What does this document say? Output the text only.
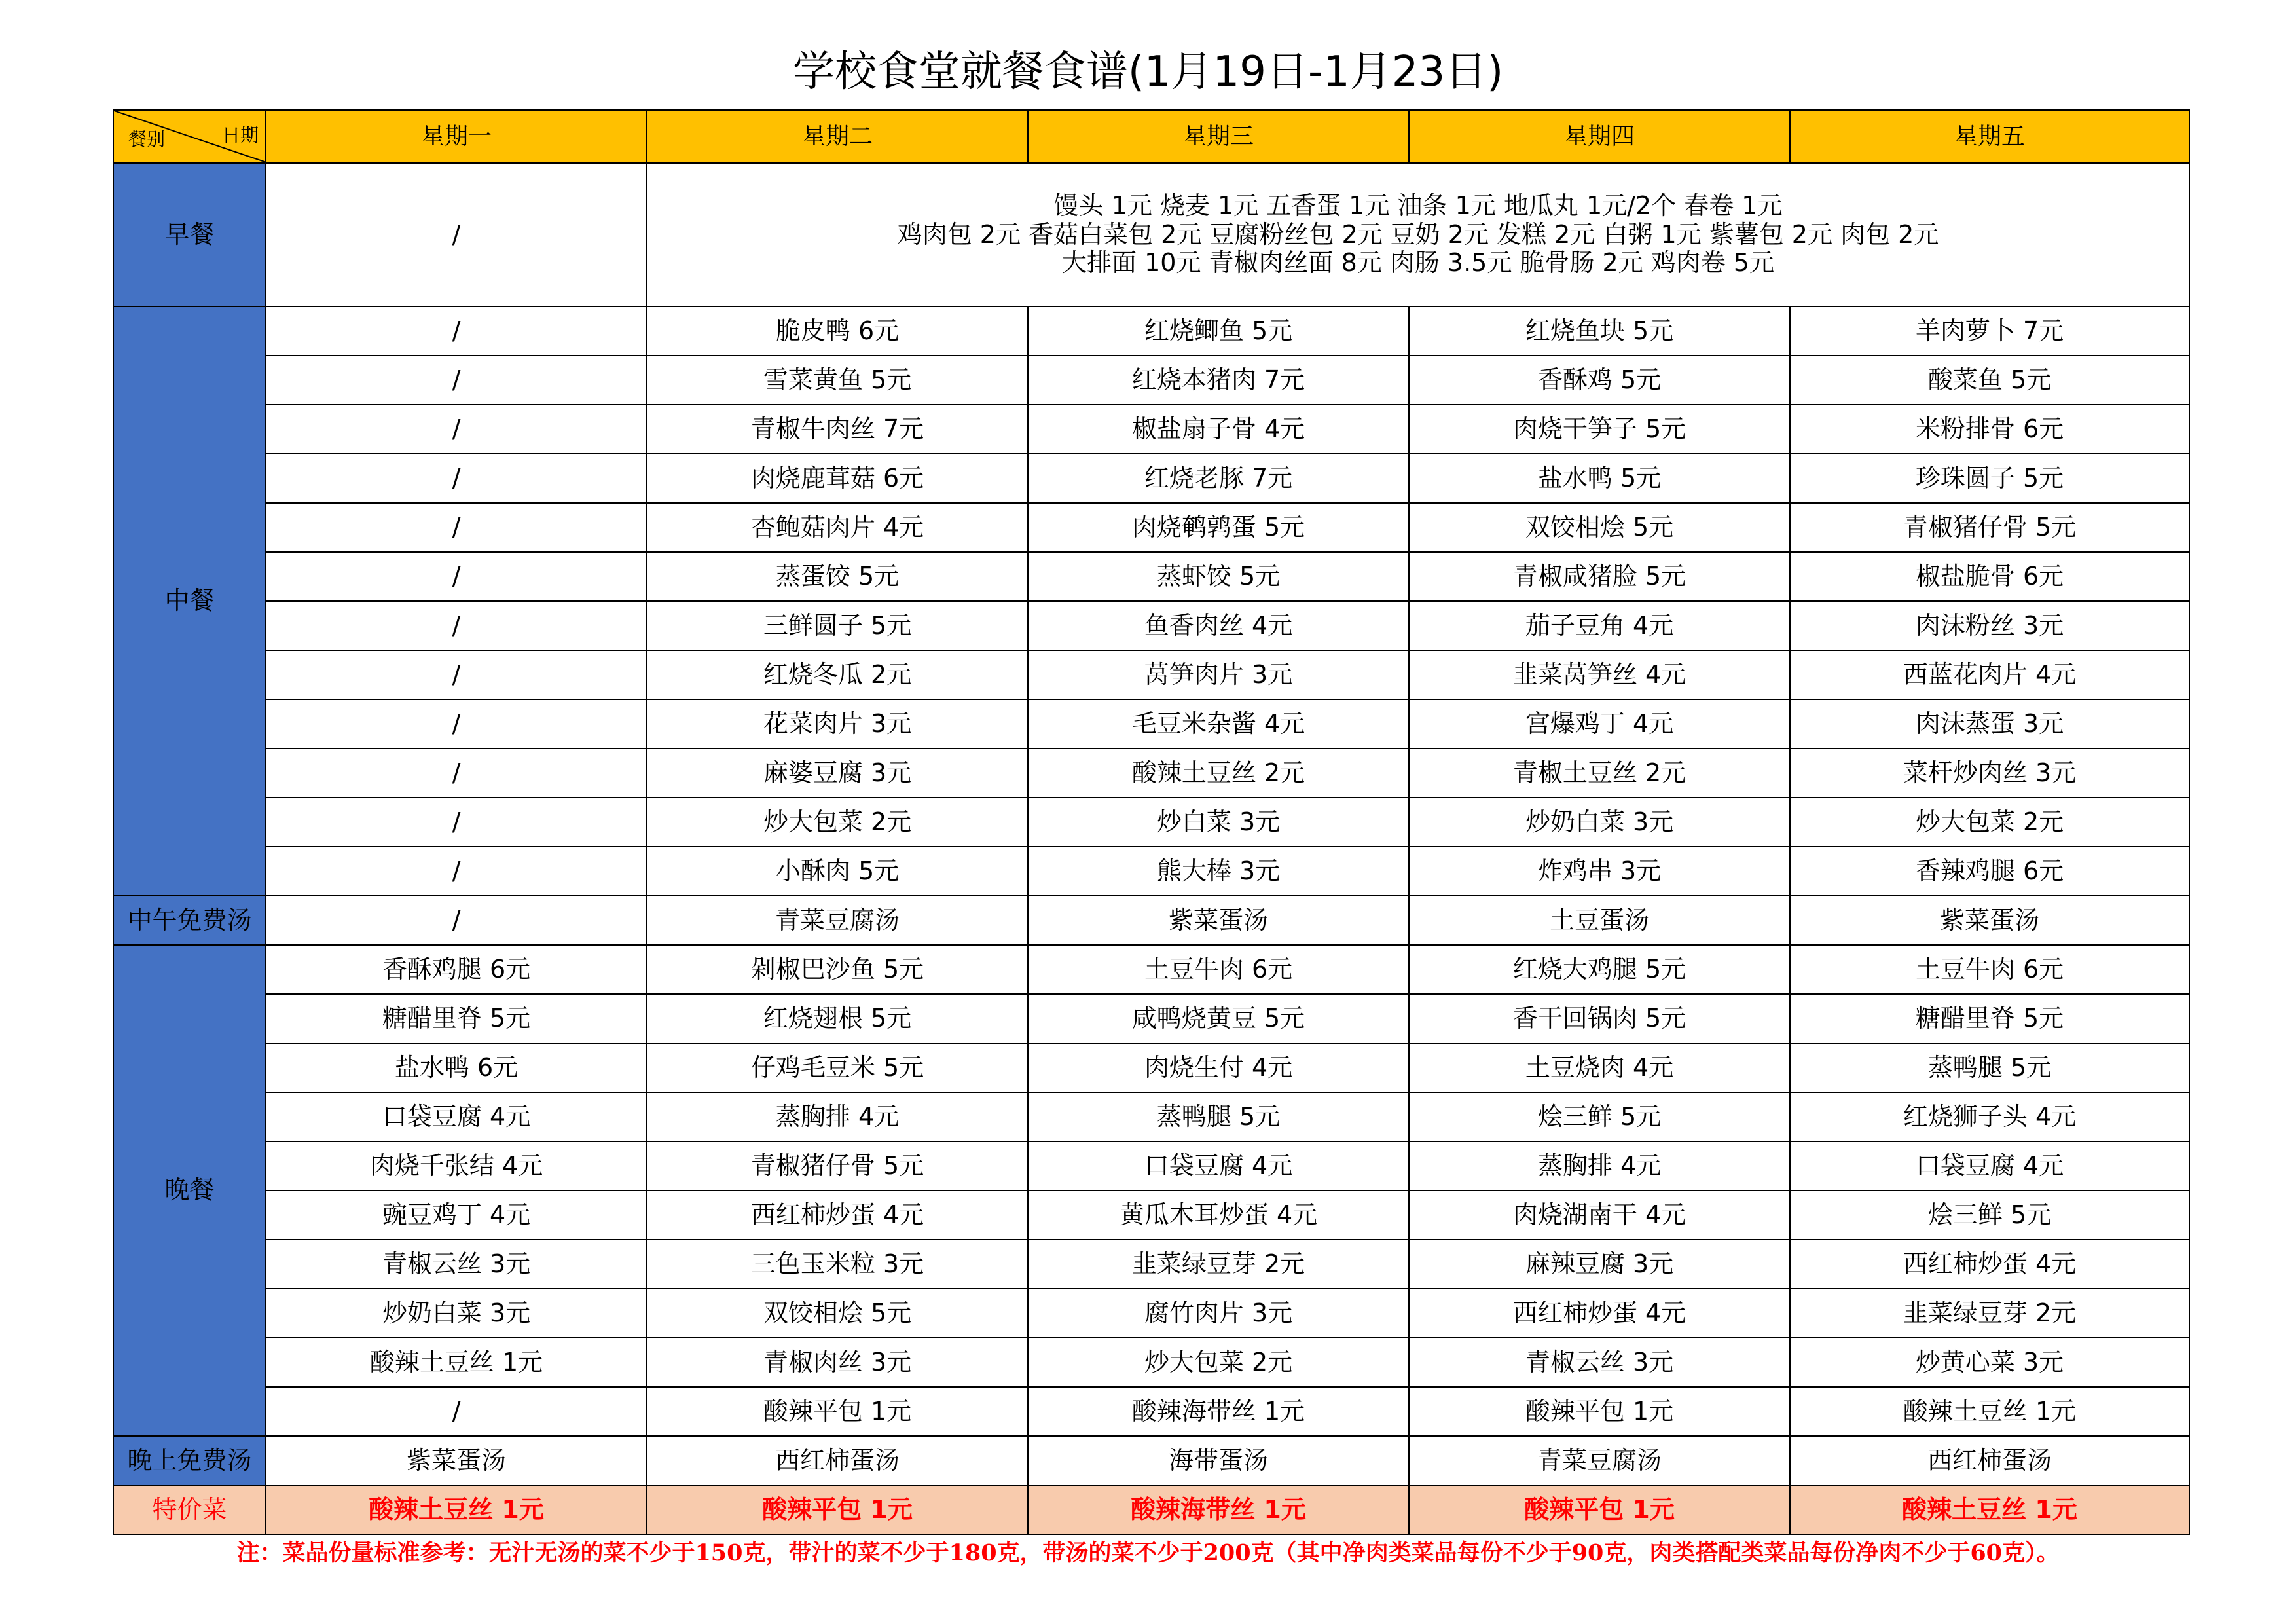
学校食堂就餐食谱(1月19日-1月23日)
日期
餐别	星期一	星期二	星期三	星期四	星期五
早餐	/	馒头 1元 烧麦 1元 五香蛋 1元 油条 1元 地瓜丸 1元/2个 春卷 1元
鸡肉包 2元 香菇白菜包 2元 豆腐粉丝包 2元 豆奶 2元 发糕 2元 白粥 1元 紫薯包 2元 肉包 2元
大排面 10元 青椒肉丝面 8元 肉肠 3.5元 脆骨肠 2元 鸡肉卷 5元			

中餐	/	脆皮鸭 6元	红烧鲫鱼 5元	红烧鱼块 5元	羊肉萝卜 7元
	/	雪菜黄鱼 5元	红烧本猪肉 7元	香酥鸡 5元	酸菜鱼 5元
	/	青椒牛肉丝 7元	椒盐扇子骨 4元	肉烧干笋子 5元	米粉排骨 6元
	/	肉烧鹿茸菇 6元	红烧老豚 7元	盐水鸭 5元	珍珠圆子 5元
	/	杏鲍菇肉片 4元	肉烧鹌鹑蛋 5元	双饺相烩 5元	青椒猪仔骨 5元
	/	蒸蛋饺 5元	蒸虾饺 5元	青椒咸猪脸 5元	椒盐脆骨 6元
	/	三鲜圆子 5元	鱼香肉丝 4元	茄子豆角 4元	肉沫粉丝 3元
	/	红烧冬瓜 2元	莴笋肉片 3元	韭菜莴笋丝 4元	西蓝花肉片 4元
	/	花菜肉片 3元	毛豆米杂酱 4元	宫爆鸡丁 4元	肉沫蒸蛋 3元
	/	麻婆豆腐 3元	酸辣土豆丝 2元	青椒土豆丝 2元	菜杆炒肉丝 3元
	/	炒大包菜 2元	炒白菜 3元	炒奶白菜 3元	炒大包菜 2元
	/	小酥肉 5元	熊大棒 3元	炸鸡串 3元	香辣鸡腿 6元
中午免费汤	/	青菜豆腐汤	紫菜蛋汤	土豆蛋汤	紫菜蛋汤
晚餐	香酥鸡腿 6元	剁椒巴沙鱼 5元	土豆牛肉 6元	红烧大鸡腿 5元	土豆牛肉 6元
	糖醋里脊 5元	红烧翅根 5元	咸鸭烧黄豆 5元	香干回锅肉 5元	糖醋里脊 5元
	盐水鸭 6元	仔鸡毛豆米 5元	肉烧生付 4元	土豆烧肉 4元	蒸鸭腿 5元
	口袋豆腐 4元	蒸胸排 4元	蒸鸭腿 5元	烩三鲜 5元	红烧狮子头 4元
	肉烧千张结 4元	青椒猪仔骨 5元	口袋豆腐 4元	蒸胸排 4元	口袋豆腐 4元
	豌豆鸡丁 4元	西红柿炒蛋 4元	黄瓜木耳炒蛋 4元	肉烧湖南干 4元	烩三鲜 5元
	青椒云丝 3元	三色玉米粒 3元	韭菜绿豆芽 2元	麻辣豆腐 3元	西红柿炒蛋 4元
	炒奶白菜 3元	双饺相烩 5元	腐竹肉片 3元	西红柿炒蛋 4元	韭菜绿豆芽 2元
	酸辣土豆丝 1元	青椒肉丝 3元	炒大包菜 2元	青椒云丝 3元	炒黄心菜 3元
	/	酸辣平包 1元	酸辣海带丝 1元	酸辣平包 1元	酸辣土豆丝 1元
晚上免费汤	紫菜蛋汤	西红柿蛋汤	海带蛋汤	青菜豆腐汤	西红柿蛋汤
特价菜	酸辣土豆丝 1元	酸辣平包 1元	酸辣海带丝 1元	酸辣平包 1元	酸辣土豆丝 1元
注：菜品份量标准参考：无汁无汤的菜不少于150克，带汁的菜不少于180克，带汤的菜不少于200克（其中净肉类菜品每份不少于90克，肉类搭配类菜品每份净肉不少于60克）。
